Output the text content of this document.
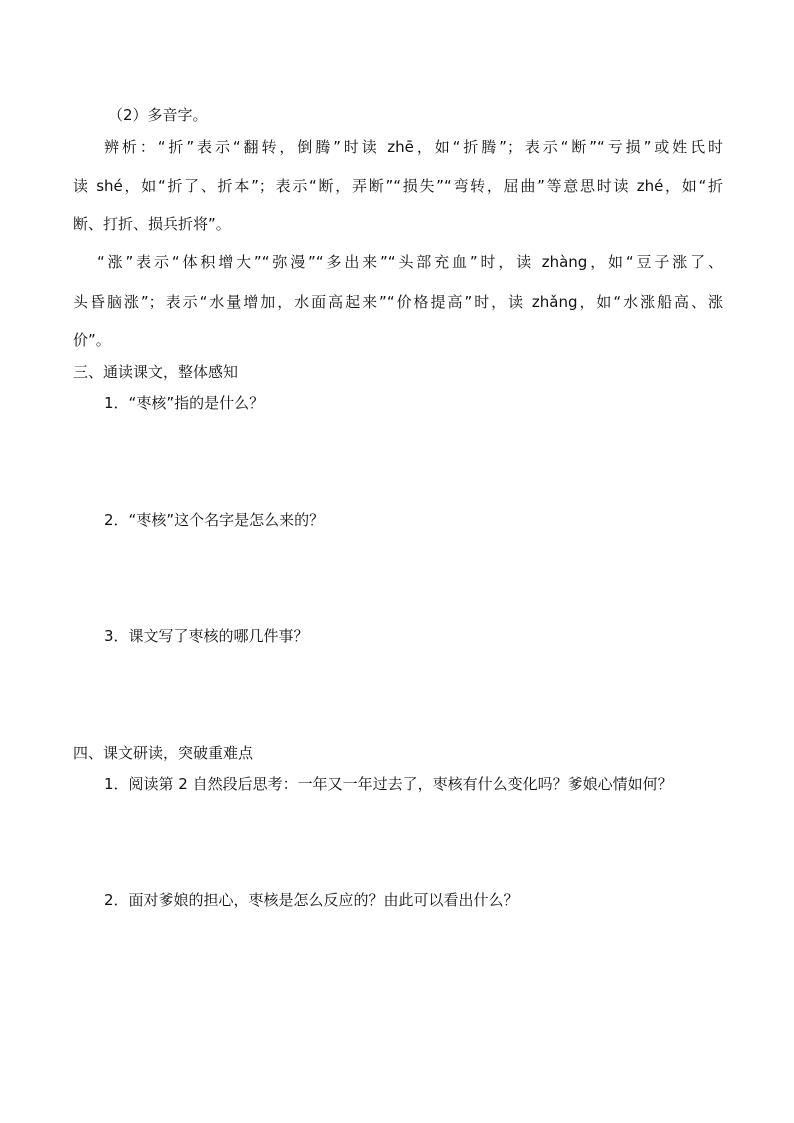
（2）多音字。
辨析：“折”表示“翻转，倒腾”时读 zhē，如“折腾”；表示“断”“亏损”或姓氏时
读 shé，如“折了、折本”；表示“断，弄断”“损失”“弯转，屈曲”等意思时读 zhé，如“折
断、打折、损兵折将”。
“涨”表示“体积增大”“弥漫”“多出来”“头部充血”时，读 zhàng，如“豆子涨了、
头昏脑涨”；表示“水量增加，水面高起来”“价格提高”时，读 zhǎng，如“水涨船高、涨
价”。
三、通读课文，整体感知
1．“枣核”指的是什么？
2．“枣核”这个名字是怎么来的？
3．课文写了枣核的哪几件事？
四、课文研读，突破重难点
1．阅读第 2 自然段后思考：一年又一年过去了，枣核有什么变化吗？爹娘心情如何？
2．面对爹娘的担心，枣核是怎么反应的？由此可以看出什么？
